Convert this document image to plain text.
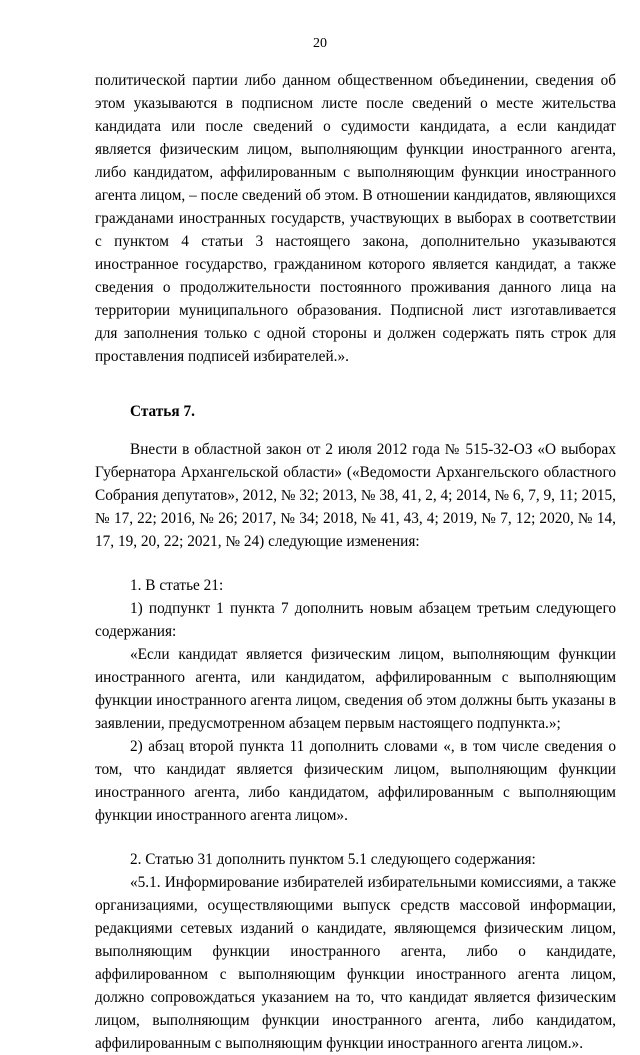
20

политической партии либо данном общественном объединении, сведения об этом указываются в подписном листе после сведений о месте жительства кандидата или после сведений о судимости кандидата, а если кандидат является физическим лицом, выполняющим функции иностранного агента, либо кандидатом, аффилированным с выполняющим функции иностранного агента лицом, – после сведений об этом. В отношении кандидатов, являющихся гражданами иностранных государств, участвующих в выборах в соответствии с пунктом 4 статьи 3 настоящего закона, дополнительно указываются иностранное государство, гражданином которого является кандидат, а также сведения о продолжительности постоянного проживания данного лица на территории муниципального образования. Подписной лист изготавливается для заполнения только с одной стороны и должен содержать пять строк для проставления подписей избирателей.».

Статья 7.

Внести в областной закон от 2 июля 2012 года № 515-32-ОЗ «О выборах Губернатора Архангельской области» («Ведомости Архангельского областного Собрания депутатов», 2012, № 32; 2013, № 38, 41, 2, 4; 2014, № 6, 7, 9, 11; 2015, № 17, 22; 2016, № 26; 2017, № 34; 2018, № 41, 43, 4; 2019, № 7, 12; 2020, № 14, 17, 19, 20, 22; 2021, № 24) следующие изменения:

1. В статье 21:

1) подпункт 1 пункта 7 дополнить новым абзацем третьим следующего содержания:

«Если кандидат является физическим лицом, выполняющим функции иностранного агента, или кандидатом, аффилированным с выполняющим функции иностранного агента лицом, сведения об этом должны быть указаны в заявлении, предусмотренном абзацем первым настоящего подпункта.»;

2) абзац второй пункта 11 дополнить словами «, в том числе сведения о том, что кандидат является физическим лицом, выполняющим функции иностранного агента, либо кандидатом, аффилированным с выполняющим функции иностранного агента лицом».

2. Статью 31 дополнить пунктом 5.1 следующего содержания:

«5.1. Информирование избирателей избирательными комиссиями, а также организациями, осуществляющими выпуск средств массовой информации, редакциями сетевых изданий о кандидате, являющемся физическим лицом, выполняющим функции иностранного агента, либо о кандидате, аффилированном с выполняющим функции иностранного агента лицом, должно сопровождаться указанием на то, что кандидат является физическим лицом, выполняющим функции иностранного агента, либо кандидатом, аффилированным с выполняющим функции иностранного агента лицом.».
